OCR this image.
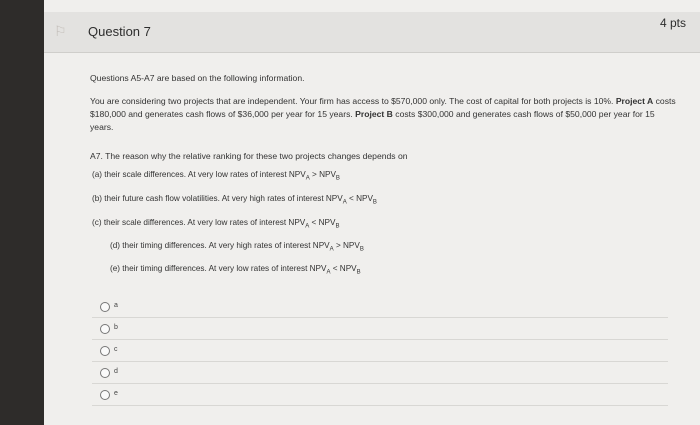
⚐ Question 7
4 pts
Questions A5-A7 are based on the following information.
You are considering two projects that are independent. Your firm has access to $570,000 only. The cost of capital for both projects is 10%. Project A costs $180,000 and generates cash flows of $36,000 per year for 15 years. Project B costs $300,000 and generates cash flows of $50,000 per year for 15 years.
A7. The reason why the relative ranking for these two projects changes depends on
(a) their scale differences. At very low rates of interest $NPV_A > NPV_B$
(b) their future cash flow volatilities. At very high rates of interest $NPV_A < NPV_B$
(c) their scale differences. At very low rates of interest $NPV_A < NPV_B$
(d) their timing differences. At very high rates of interest $NPV_A > NPV_B$
(e) their timing differences. At very low rates of interest $NPV_A < NPV_B$
a
b
c
d
e
